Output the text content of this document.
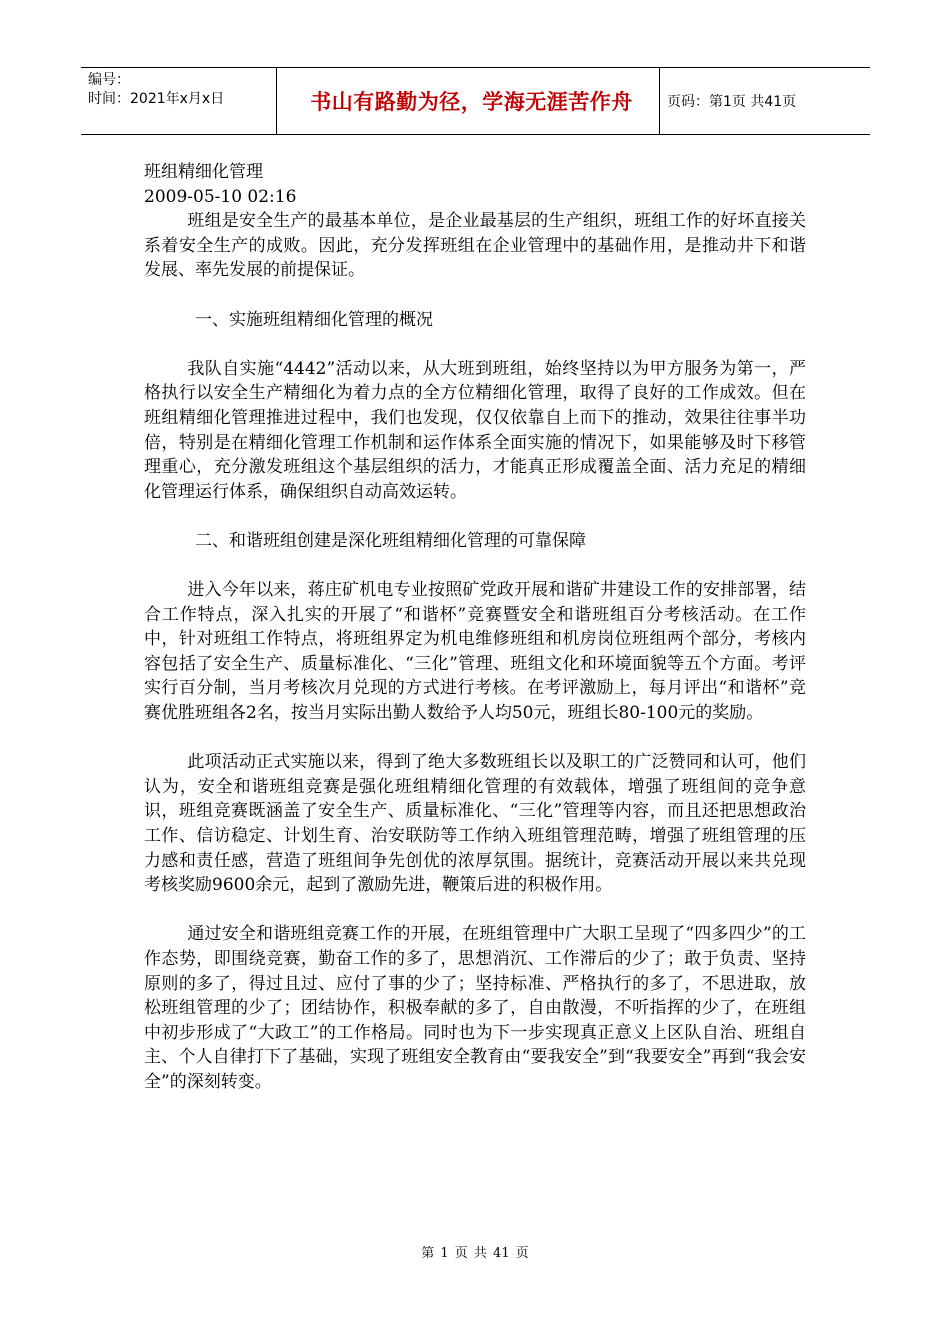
编号：
时间：2021年x月x日	书山有路勤为径，学海无涯苦作舟	页码：第1页 共41页

班组精细化管理

2009-05-10 02:16

班组是安全生产的最基本单位，是企业最基层的生产组织，班组工作的好坏直接关系着安全生产的成败。因此，充分发挥班组在企业管理中的基础作用，是推动井下和谐发展、率先发展的前提保证。

一、实施班组精细化管理的概况

我队自实施“4442”活动以来，从大班到班组，始终坚持以为甲方服务为第一，严格执行以安全生产精细化为着力点的全方位精细化管理，取得了良好的工作成效。但在班组精细化管理推进过程中，我们也发现，仅仅依靠自上而下的推动，效果往往事半功倍，特别是在精细化管理工作机制和运作体系全面实施的情况下，如果能够及时下移管理重心，充分激发班组这个基层组织的活力，才能真正形成覆盖全面、活力充足的精细化管理运行体系，确保组织自动高效运转。

二、和谐班组创建是深化班组精细化管理的可靠保障

进入今年以来，蒋庄矿机电专业按照矿党政开展和谐矿井建设工作的安排部署，结合工作特点，深入扎实的开展了“和谐杯”竞赛暨安全和谐班组百分考核活动。在工作中，针对班组工作特点，将班组界定为机电维修班组和机房岗位班组两个部分，考核内容包括了安全生产、质量标准化、“三化”管理、班组文化和环境面貌等五个方面。考评实行百分制，当月考核次月兑现的方式进行考核。在考评激励上，每月评出“和谐杯”竞赛优胜班组各2名，按当月实际出勤人数给予人均50元，班组长80-100元的奖励。

此项活动正式实施以来，得到了绝大多数班组长以及职工的广泛赞同和认可，他们认为，安全和谐班组竞赛是强化班组精细化管理的有效载体，增强了班组间的竞争意识，班组竞赛既涵盖了安全生产、质量标准化、“三化”管理等内容，而且还把思想政治工作、信访稳定、计划生育、治安联防等工作纳入班组管理范畴，增强了班组管理的压力感和责任感，营造了班组间争先创优的浓厚氛围。据统计，竞赛活动开展以来共兑现考核奖励9600余元，起到了激励先进，鞭策后进的积极作用。

通过安全和谐班组竞赛工作的开展，在班组管理中广大职工呈现了“四多四少”的工作态势，即围绕竞赛，勤奋工作的多了，思想消沉、工作滞后的少了；敢于负责、坚持原则的多了，得过且过、应付了事的少了；坚持标准、严格执行的多了，不思进取，放松班组管理的少了；团结协作，积极奉献的多了，自由散漫，不听指挥的少了，在班组中初步形成了“大政工”的工作格局。同时也为下一步实现真正意义上区队自治、班组自主、个人自律打下了基础，实现了班组安全教育由“要我安全”到“我要安全”再到“我会安全”的深刻转变。

第 1 页 共 41 页
